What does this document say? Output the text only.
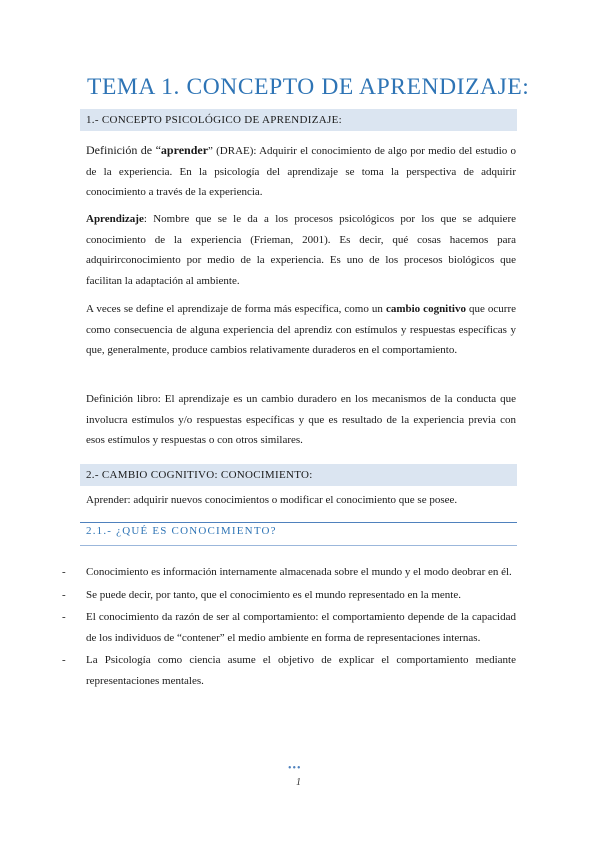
TEMA 1. CONCEPTO DE APRENDIZAJE:
1.- CONCEPTO PSICOLÓGICO DE APRENDIZAJE:

Definición de “aprender” (DRAE): Adquirir el conocimiento de algo por medio del estudio o de la experiencia. En la psicología del aprendizaje se toma la perspectiva de adquirir conocimiento a través de la experiencia.

Aprendizaje: Nombre que se le da a los procesos psicológicos por los que se adquiere conocimiento de la experiencia (Frieman, 2001). Es decir, qué cosas hacemos para adquirirconocimiento por medio de la experiencia. Es uno de los procesos biológicos que facilitan la adaptación al ambiente.

A veces se define el aprendizaje de forma más específica, como un cambio cognitivo que ocurre como consecuencia de alguna experiencia del aprendiz con estímulos y respuestas específicas y que, generalmente, produce cambios relativamente duraderos en el comportamiento.

Definición libro: El aprendizaje es un cambio duradero en los mecanismos de la conducta que involucra estímulos y/o respuestas específicas y que es resultado de la experiencia previa con esos estímulos y respuestas o con otros similares.

2.- CAMBIO COGNITIVO: CONOCIMIENTO:

Aprender: adquirir nuevos conocimientos o modificar el conocimiento que se posee.

2.1.- ¿QUÉ ES CONOCIMIENTO?
- Conocimiento es información internamente almacenada sobre el mundo y el modo deobrar en él.
- Se puede decir, por tanto, que el conocimiento es el mundo representado en la mente.
- El conocimiento da razón de ser al comportamiento: el comportamiento depende de la capacidad de los individuos de “contener” el medio ambiente en forma de representaciones internas.
- La Psicología como ciencia asume el objetivo de explicar el comportamiento mediante representaciones mentales.
•••
1
